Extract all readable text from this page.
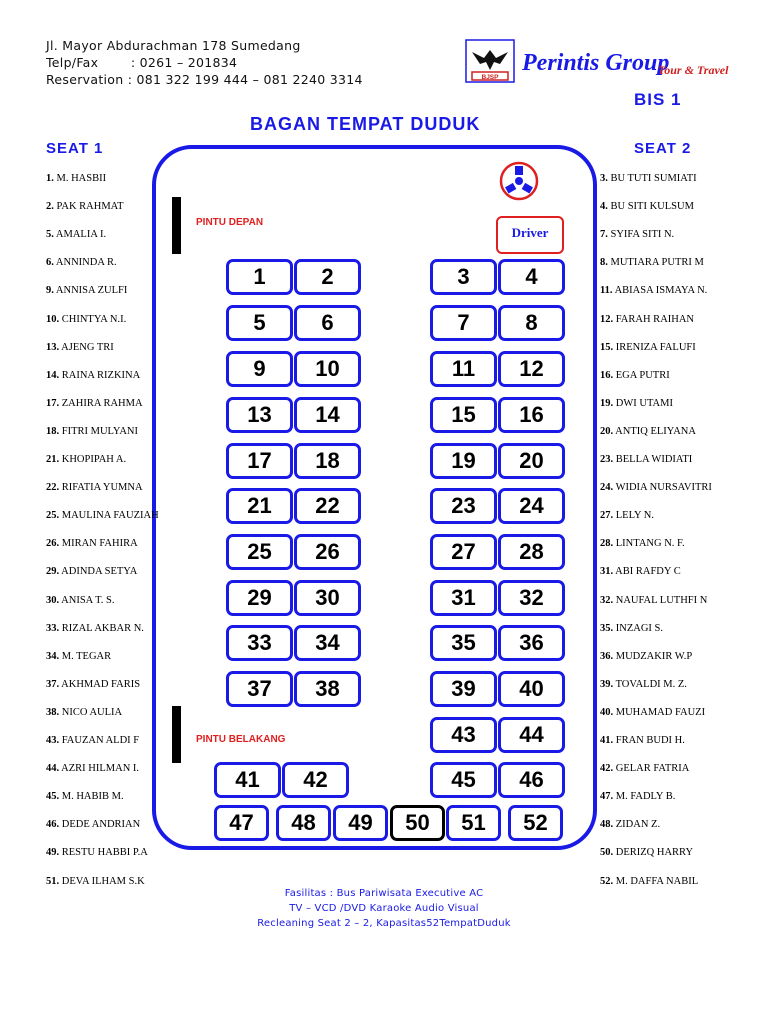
Jl. Mayor Abdurachman 178 Sumedang
Telp/Fax	: 0261 – 201834
Reservation : 081 322 199 444 – 081 2240 3314	BJSP
Perintis Group
Tour & Travel
BIS 1
BAGAN TEMPAT DUDUK
SEAT 1	SEAT 2
PINTU DEPAN
PINTU BELAKANG
Driver
1. M. HASBII
2. PAK RAHMAT
5. AMALIA I.
6. ANNINDA R.
9. ANNISA ZULFI
10. CHINTYA N.I.
13. AJENG TRI
14. RAINA RIZKINA
17. ZAHIRA RAHMA
18. FITRI MULYANI
21. KHOPIPAH A.
22. RIFATIA YUMNA
25. MAULINA FAUZIAH
26. MIRAN FAHIRA
29. ADINDA SETYA
30. ANISA T. S.
33. RIZAL AKBAR N.
34. M. TEGAR
37. AKHMAD FARIS
38. NICO AULIA
43. FAUZAN ALDI F
44. AZRI HILMAN I.
45. M. HABIB M.
46. DEDE ANDRIAN
49. RESTU HABBI P.A
51. DEVA ILHAM S.K
3. BU TUTI SUMIATI
4. BU SITI KULSUM
7. SYIFA SITI N.
8. MUTIARA PUTRI M
11. ABIASA ISMAYA N.
12. FARAH RAIHAN
15. IRENIZA FALUFI
16. EGA PUTRI
19. DWI UTAMI
20. ANTIQ ELIYANA
23. BELLA WIDIATI
24. WIDIA NURSAVITRI
27. LELY N.
28. LINTANG N. F.
31. ABI RAFDY C
32. NAUFAL LUTHFI N
35. INZAGI S.
36. MUDZAKIR W.P
39. TOVALDI M. Z.
40. MUHAMAD FAUZI
41. FRAN BUDI H.
42. GELAR FATRIA
47. M. FADLY B.
48. ZIDAN Z.
50. DERIZQ HARRY
52. M. DAFFA NABIL
1	2	3	4
5	6	7	8
9	10	11	12
13	14	15	16
17	18	19	20
21	22	23	24
25	26	27	28
29	30	31	32
33	34	35	36
37	38	39	40
43	44
41	42	45	46
47	48	49	50	51	52
Fasilitas : Bus Pariwisata Executive AC
TV – VCD /DVD Karaoke Audio Visual
Recleaning Seat 2 – 2, Kapasitas52TempatDuduk
